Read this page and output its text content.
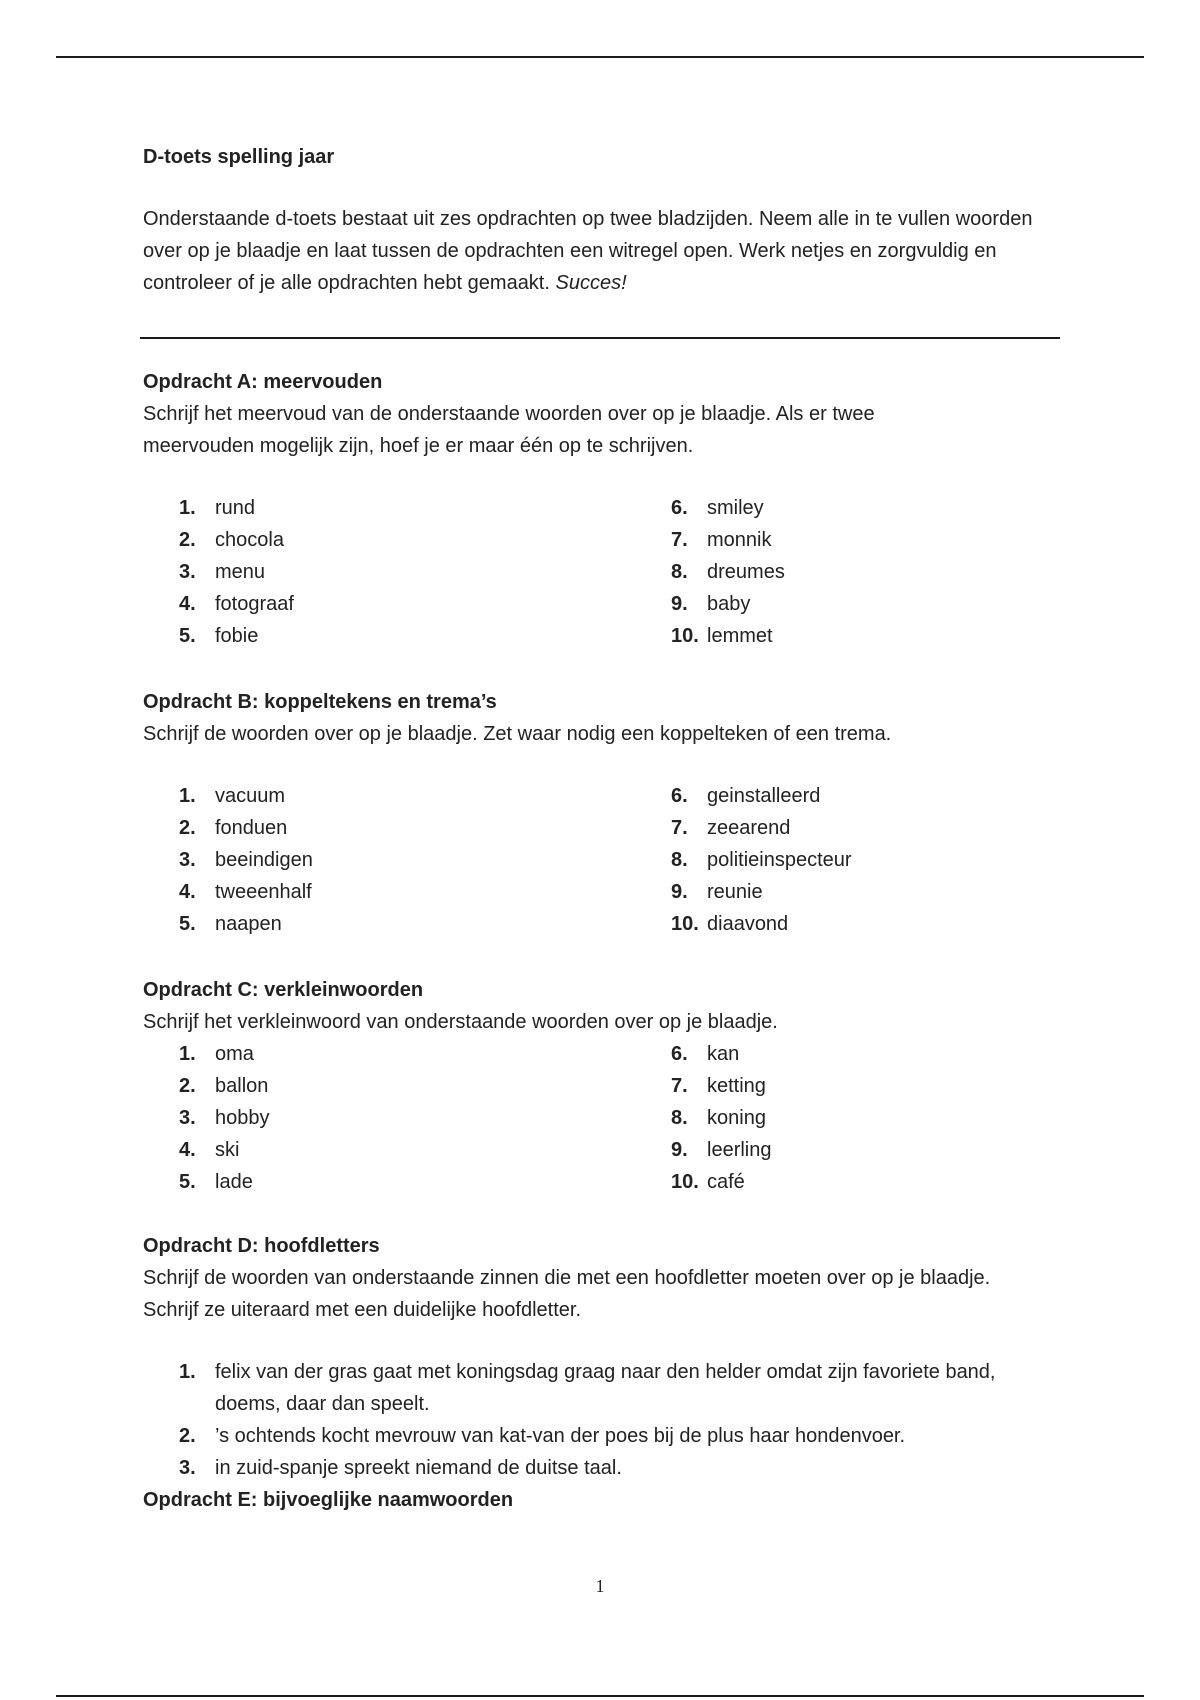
D-toets spelling jaar

Onderstaande d-toets bestaat uit zes opdrachten op twee bladzijden. Neem alle in te vullen woorden over op je blaadje en laat tussen de opdrachten een witregel open. Werk netjes en zorgvuldig en controleer of je alle opdrachten hebt gemaakt. Succes!

Opdracht A: meervouden

Schrijf het meervoud van de onderstaande woorden over op je blaadje. Als er twee meervouden mogelijk zijn, hoef je er maar één op te schrijven.

1. rund
2. chocola
3. menu
4. fotograaf
5. fobie
6. smiley
7. monnik
8. dreumes
9. baby
10. lemmet
Opdracht B: koppeltekens en trema’s

Schrijf de woorden over op je blaadje. Zet waar nodig een koppelteken of een trema.

1. vacuum
2. fonduen
3. beeindigen
4. tweeenhalf
5. naapen
6. geinstalleerd
7. zeearend
8. politieinspecteur
9. reunie
10. diaavond
Opdracht C: verkleinwoorden

Schrijf het verkleinwoord van onderstaande woorden over op je blaadje.

1. oma
2. ballon
3. hobby
4. ski
5. lade
6. kan
7. ketting
8. koning
9. leerling
10. café
Opdracht D: hoofdletters

Schrijf de woorden van onderstaande zinnen die met een hoofdletter moeten over op je blaadje. Schrijf ze uiteraard met een duidelijke hoofdletter.

1. felix van der gras gaat met koningsdag graag naar den helder omdat zijn favoriete band, doems, daar dan speelt.
2. ’s ochtends kocht mevrouw van kat-van der poes bij de plus haar hondenvoer.
3. in zuid-spanje spreekt niemand de duitse taal.
Opdracht E: bijvoeglijke naamwoorden
1
